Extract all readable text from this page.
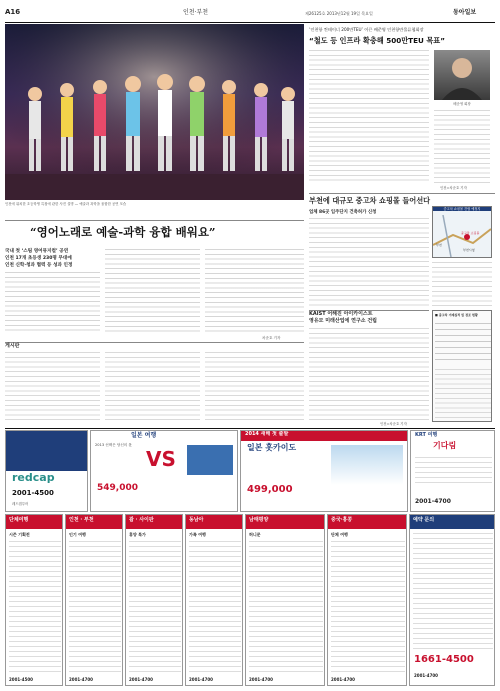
A16	인천·부천	제26125호 2013년12월 19일 목요일	동아일보
인천에 위치한 초등학생 특집에 관한 사진 설명 — 예술과 과학을 융합한 공연 모습
“영어노래로 예술-과학 융합 배워요”
국내 첫 ‘스팀 영어뮤지컬’ 공연
인천 17개 초등생 230명 무대에
인천 신학·청과 협력 등 성과 인정
차준호 기자
게시판
‘인천항 컨테이너 200만TEU’ 이끈 배준영 인천항만물류협회장
“철도 등 인프라 확충해 500만TEU 목표”
배준영 회장
인천=차준호 기자
부천에 대규모 중고차 쇼핑몰 들어선다
업체 86곳 입주단지 건축허가 신청
중고차 쇼핑몰 건립 예정지
부천
부천시청
중고차 쇼핑몰
KAIST 어해진 아이카이스트
영유모 미래산업에 연구소 건립
인천=차준호 기자
■ 중고차 거래실적 및 점포 현황
redcap
2001-4500
레드캡투어
일본 여행
VS
2013 선택은 당신의 몫
549,000
2014 새해 첫 출발
일본 홋카이도
499,000
KRT 여행
기다림
2001-4700
단체여행
시즌 기획전
2001-4500
인천 · 부천
인기 여행
2001-4700
괌 · 사이판
휴양 특가
2001-4700
동남아
가족 여행
2001-4700
남태평양
허니문
2001-4700
중국·홍콩
단체 여행
2001-4700
예약 문의
1661-4500
2001-4700
